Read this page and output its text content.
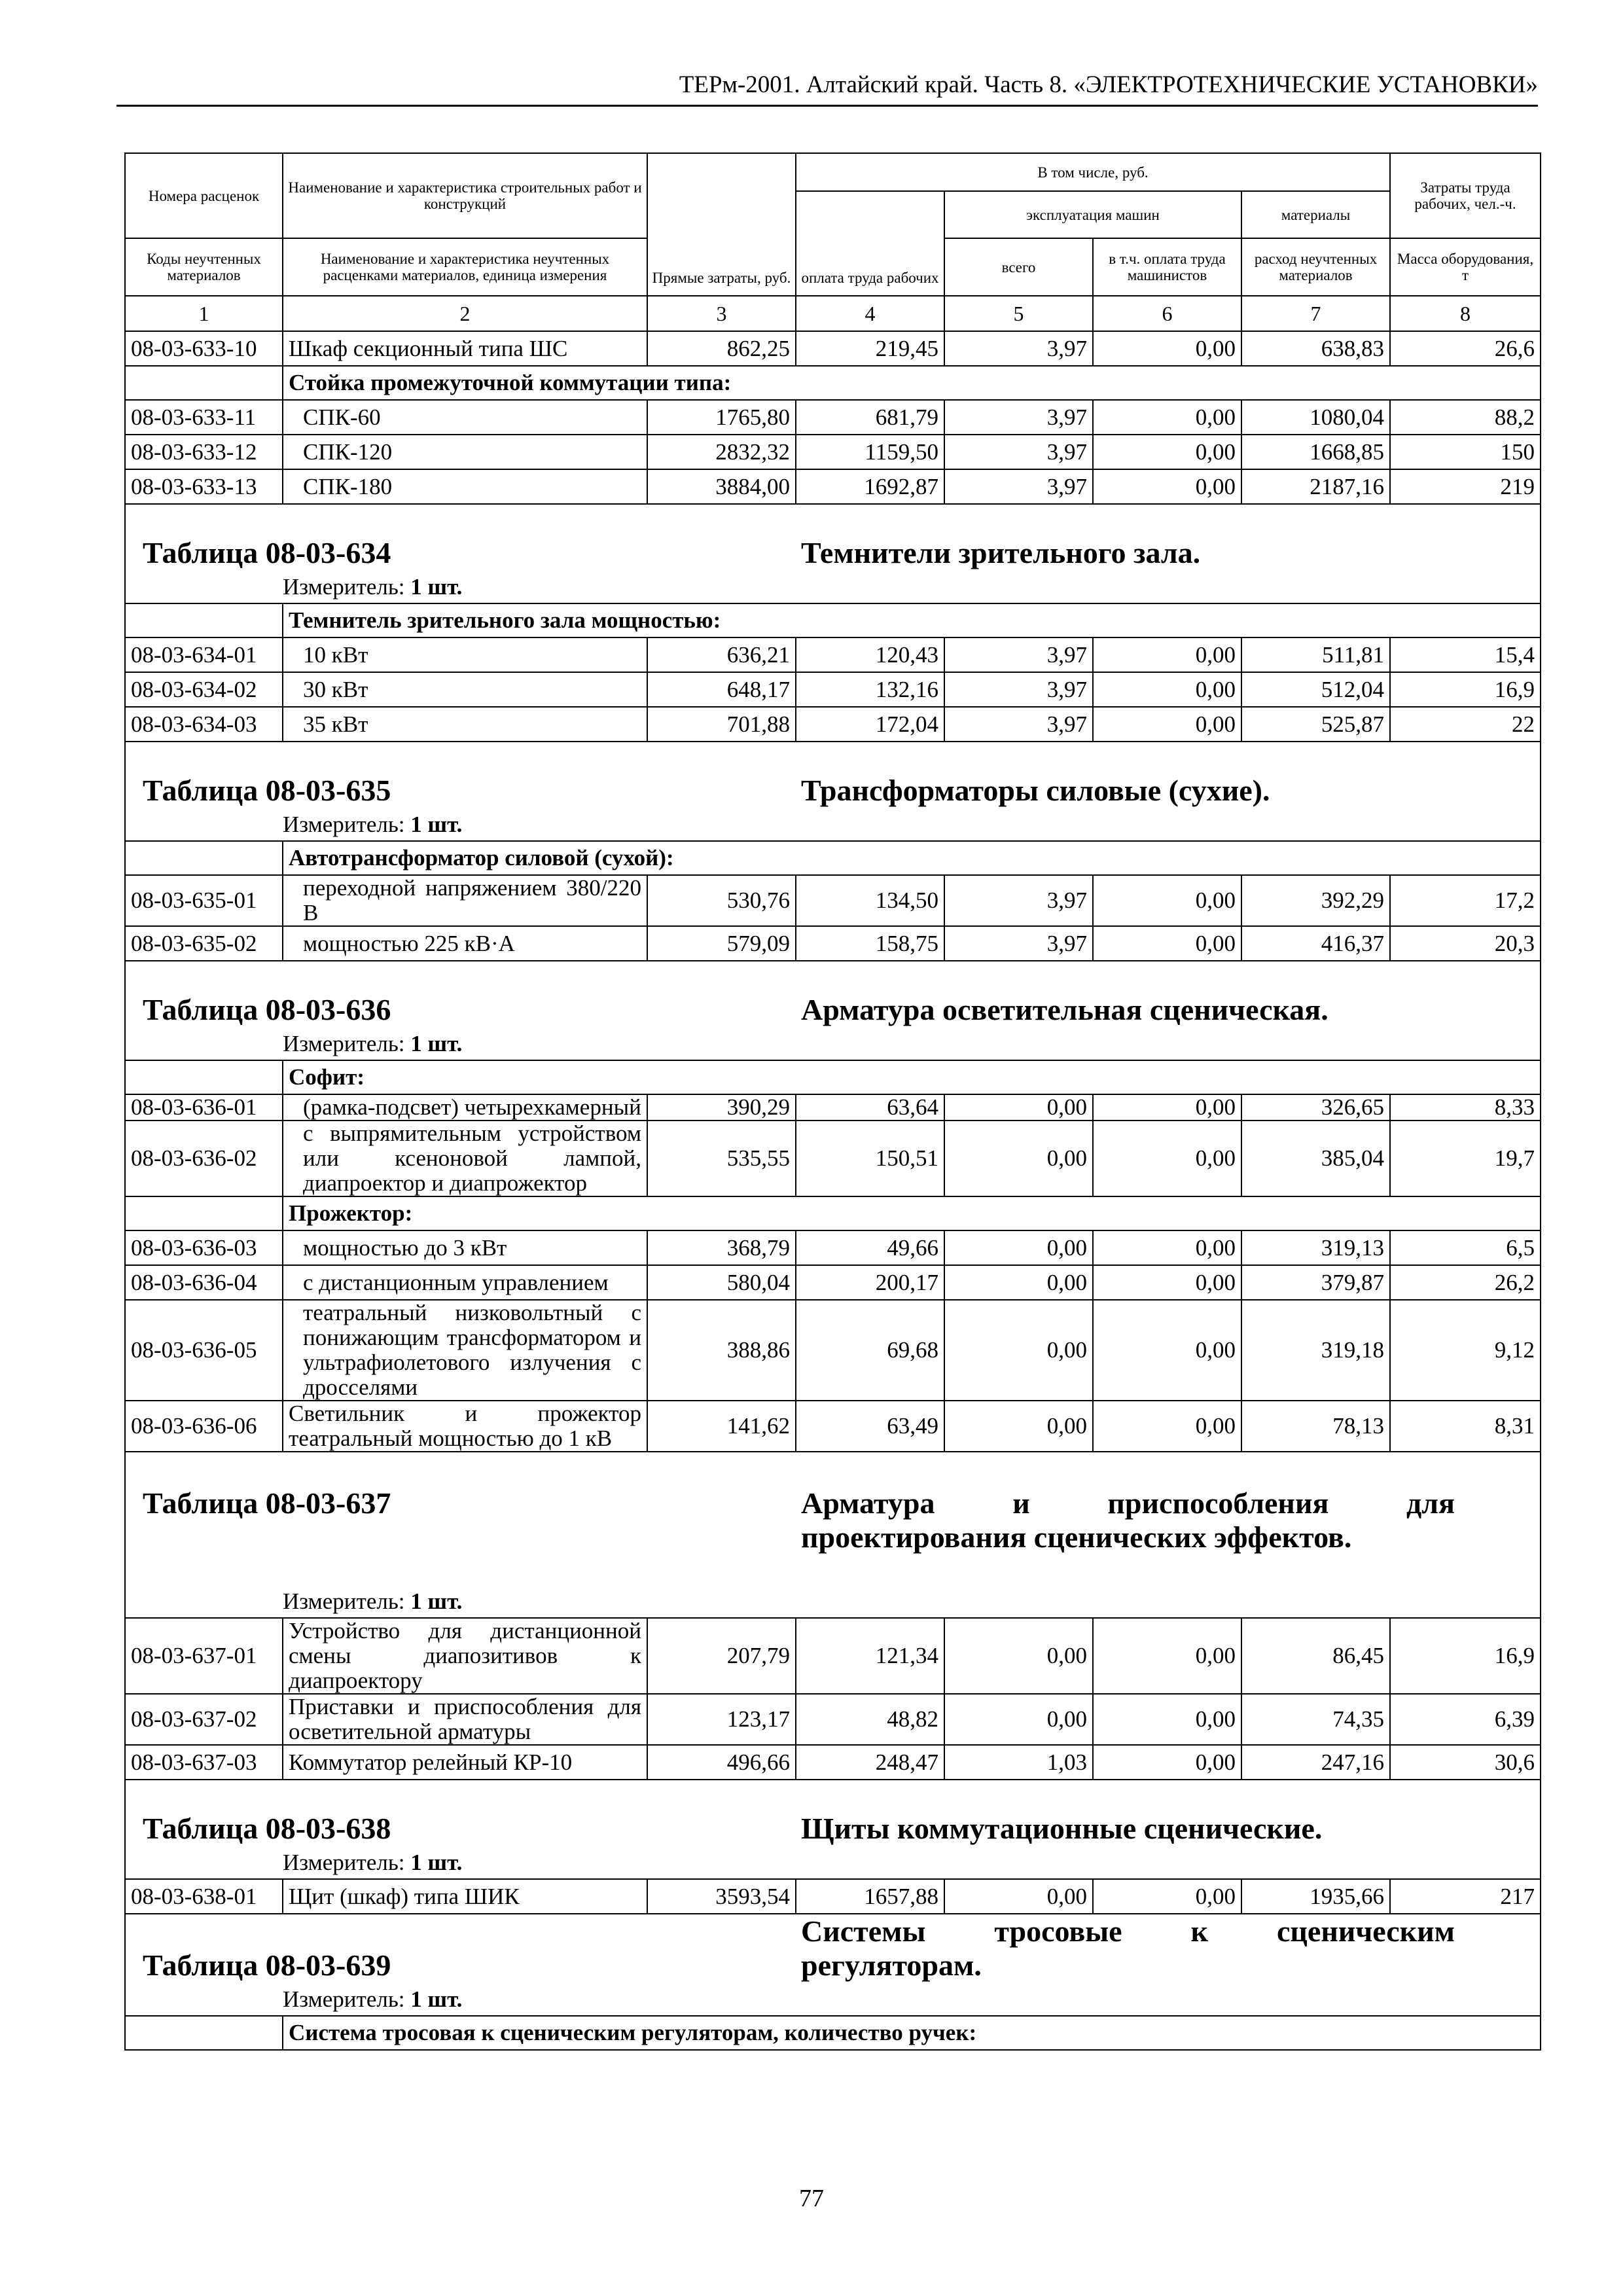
ТЕРм-2001. Алтайский край. Часть 8. «ЭЛЕКТРОТЕХНИЧЕСКИЕ УСТАНОВКИ»
Номера расценок	Наименование и характеристика строительных работ и конструкций	Прямые затраты, руб.	В том числе, руб.				Затраты труда рабочих, чел.-ч.

			оплата труда рабочих	эксплуатация машин		материалы	

Коды неучтенных материалов	Наименование и характеристика неучтенных расценками материалов, единица измерения			всего	в т.ч. оплата труда машинистов	расход неучтенных материалов	Масса оборудования, т
1	2	3	4	5	6	7	8
08-03-633-10	Шкаф секционный типа ШС	862,25	219,45	3,97	0,00	638,83	26,6
	Стойка промежуточной коммутации типа:						
08-03-633-11	СПК-60	1765,80	681,79	3,97	0,00	1080,04	88,2
08-03-633-12	СПК-120	2832,32	1159,50	3,97	0,00	1668,85	150
08-03-633-13	СПК-180	3884,00	1692,87	3,97	0,00	2187,16	219
Таблица 08-03-634			Темнители зрительного зала.				
	Измеритель: 1 шт.						
	Темнитель зрительного зала мощностью:						
08-03-634-01	10 кВт	636,21	120,43	3,97	0,00	511,81	15,4
08-03-634-02	30 кВт	648,17	132,16	3,97	0,00	512,04	16,9
08-03-634-03	35 кВт	701,88	172,04	3,97	0,00	525,87	22
Таблица 08-03-635			Трансформаторы силовые (сухие).				
	Измеритель: 1 шт.						
	Автотрансформатор силовой (сухой):						
08-03-635-01	переходной напряжением 380/220 В	530,76	134,50	3,97	0,00	392,29	17,2
08-03-635-02	мощностью 225 кВ·А	579,09	158,75	3,97	0,00	416,37	20,3
Таблица 08-03-636			Арматура осветительная сценическая.				
	Измеритель: 1 шт.						
	Софит:						
08-03-636-01	(рамка-подсвет) четырехкамерный	390,29	63,64	0,00	0,00	326,65	8,33
08-03-636-02	с выпрямительным устройством или ксеноновой лампой, диапроектор и диапрожектор	535,55	150,51	0,00	0,00	385,04	19,7
	Прожектор:						
08-03-636-03	мощностью до 3 кВт	368,79	49,66	0,00	0,00	319,13	6,5
08-03-636-04	с дистанционным управлением	580,04	200,17	0,00	0,00	379,87	26,2
08-03-636-05	театральный низковольтный с понижающим трансформатором и ультрафиолетового излучения с дросселями	388,86	69,68	0,00	0,00	319,18	9,12
08-03-636-06	Светильник и прожектор театральный мощностью до 1 кВ	141,62	63,49	0,00	0,00	78,13	8,31
Таблица 08-03-637			Арматура и приспособления для проектирования сценических эффектов.				
	Измеритель: 1 шт.						
08-03-637-01	Устройство для дистанционной смены диапозитивов к диапроектору	207,79	121,34	0,00	0,00	86,45	16,9
08-03-637-02	Приставки и приспособления для осветительной арматуры	123,17	48,82	0,00	0,00	74,35	6,39
08-03-637-03	Коммутатор релейный КР-10	496,66	248,47	1,03	0,00	247,16	30,6
Таблица 08-03-638			Щиты коммутационные сценические.				
	Измеритель: 1 шт.						
08-03-638-01	Щит (шкаф) типа ШИК	3593,54	1657,88	0,00	0,00	1935,66	217
Таблица 08-03-639			Системы тросовые к сценическим регуляторам.				
	Измеритель: 1 шт.						
	Система тросовая к сценическим регуляторам, количество ручек:						
77
